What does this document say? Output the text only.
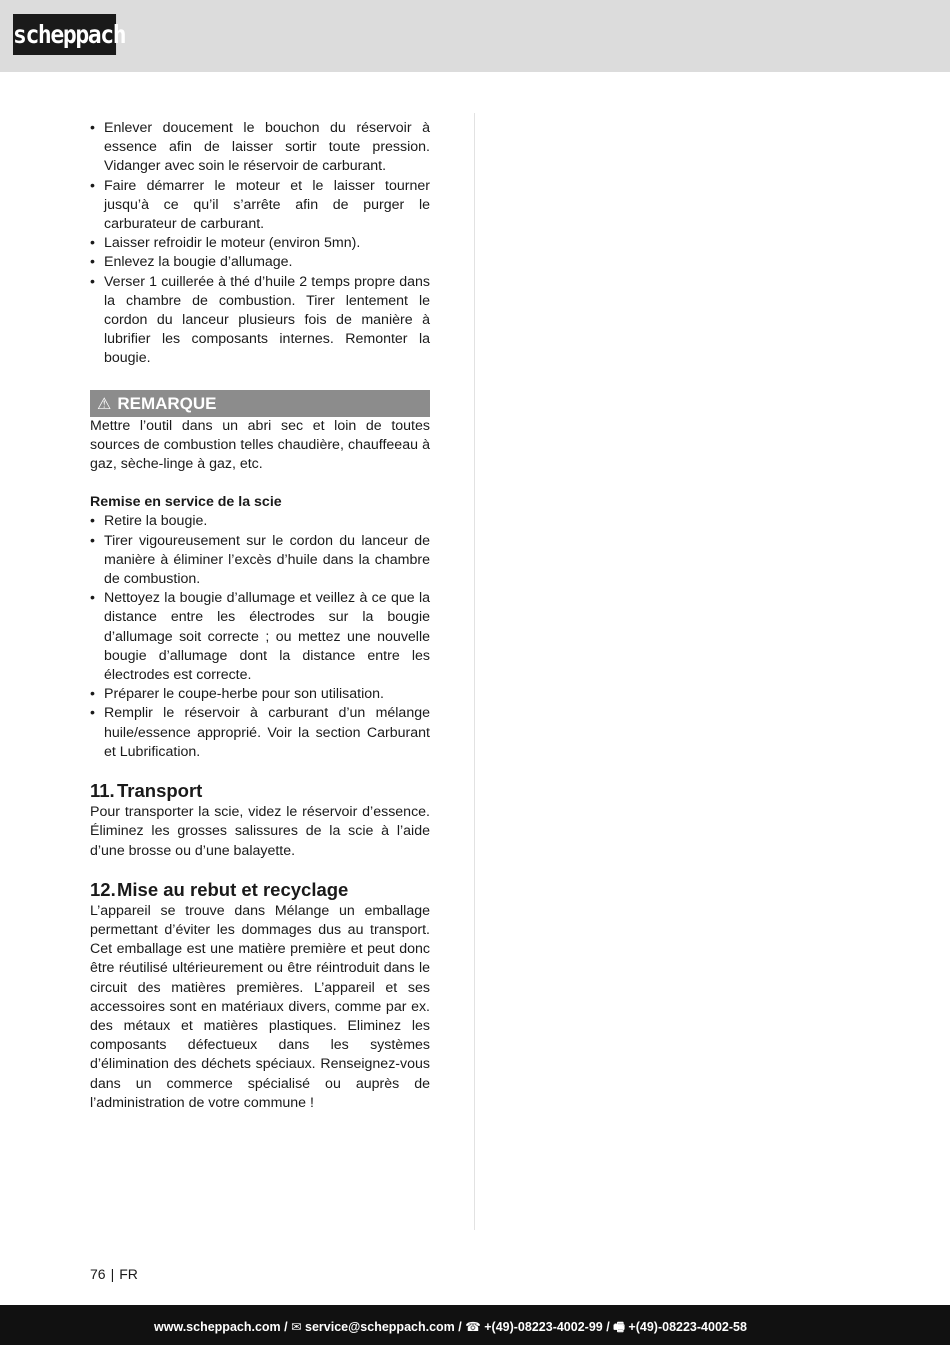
scheppach
• Enlever doucement le bouchon du réservoir à essence afin de laisser sortir toute pression. Vidanger avec soin le réservoir de carburant.
• Faire démarrer le moteur et le laisser tourner jusqu’à ce qu’il s’arrête afin de purger le carburateur de carburant.
• Laisser refroidir le moteur (environ 5mn).
• Enlevez la bougie d’allumage.
• Verser 1 cuillerée à thé d’huile 2 temps propre dans la chambre de combustion. Tirer lentement le cordon du lanceur plusieurs fois de manière à lubrifier les composants internes. Remonter la bougie.
⚠ REMARQUE

Mettre l’outil dans un abri sec et loin de toutes sources de combustion telles chaudière, chauffeeau à gaz, sèche-linge à gaz, etc.

Remise en service de la scie
• Retire la bougie.
• Tirer vigoureusement sur le cordon du lanceur de manière à éliminer l’excès d’huile dans la chambre de combustion.
• Nettoyez la bougie d’allumage et veillez à ce que la distance entre les électrodes sur la bougie d’allumage soit correcte ; ou mettez une nouvelle bougie d’allumage dont la distance entre les électrodes est correcte.
• Préparer le coupe-herbe pour son utilisation.
• Remplir le réservoir à carburant d’un mélange huile/essence approprié. Voir la section Carburant et Lubrification.
11. Transport

Pour transporter la scie, videz le réservoir d’essence. Éliminez les grosses salissures de la scie à l’aide d’une brosse ou d’une balayette.

12.Mise au rebut et recyclage

L’appareil se trouve dans Mélange un emballage permettant d’éviter les dommages dus au transport. Cet emballage est une matière première et peut donc être réutilisé ultérieurement ou être réintroduit dans le circuit des matières premières. L’appareil et ses accessoires sont en matériaux divers, comme par ex. des métaux et matières plastiques. Eliminez les composants défectueux dans les systèmes d’élimination des déchets spéciaux. Renseignez-vous dans un commerce spécialisé ou auprès de l’administration de votre commune !

76 | FR
www.scheppach.com / ✉ service@scheppach.com / ☎ +(49)-08223-4002-99 / 🖷 +(49)-08223-4002-58
